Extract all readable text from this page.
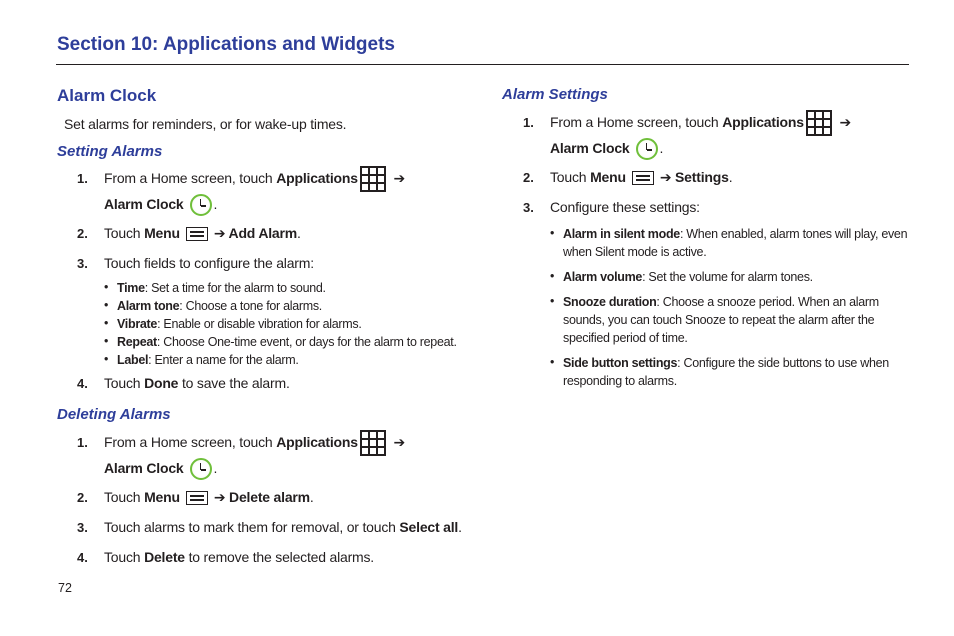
Section 10: Applications and Widgets
Alarm Clock
Set alarms for reminders, or for wake-up times.
Setting Alarms
1. From a Home screen, touch Applications	➔
Alarm Clock .
2. Touch Menu ➔ Add Alarm.
3. Touch fields to configure the alarm:
• Time: Set a time for the alarm to sound.
• Alarm tone: Choose a tone for alarms.
• Vibrate: Enable or disable vibration for alarms.
• Repeat: Choose One-time event, or days for the alarm to repeat.
• Label: Enter a name for the alarm.
4. Touch Done to save the alarm.
Deleting Alarms
1. From a Home screen, touch Applications	➔
Alarm Clock .
2. Touch Menu ➔ Delete alarm.
3. Touch alarms to mark them for removal, or touch Select all.
4. Touch Delete to remove the selected alarms.
Alarm Settings
1. From a Home screen, touch Applications	➔
Alarm Clock .
2. Touch Menu ➔ Settings.
3. Configure these settings:
• Alarm in silent mode: When enabled, alarm tones will play, even
when Silent mode is active.
• Alarm volume: Set the volume for alarm tones.
• Snooze duration: Choose a snooze period. When an alarm
sounds, you can touch Snooze to repeat the alarm after the
specified period of time.
• Side button settings: Configure the side buttons to use when
responding to alarms.
72
